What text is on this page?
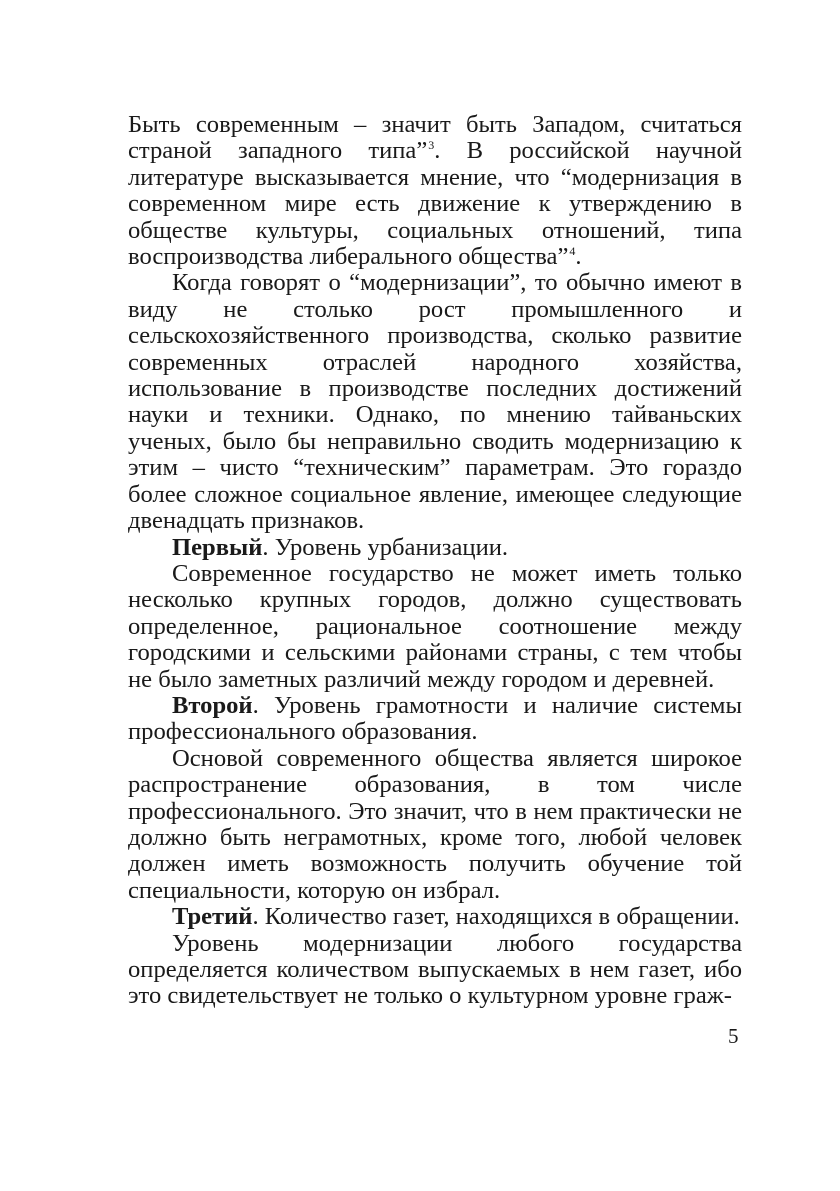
Быть современным – значит быть Западом, считаться страной западного типа”$^3$. В российской научной литературе высказывается мнение, что “модернизация в современном мире есть движение к утверждению в обществе культуры, социальных отношений, типа воспроизводства либерального общества”$^4$.

Когда говорят о “модернизации”, то обычно имеют в виду не столько рост промышленного и сельскохозяйственного производства, сколько развитие современных отраслей народного хозяйства, использование в производстве последних достижений науки и техники. Однако, по мнению тайваньских ученых, было бы неправильно сводить модернизацию к этим – чисто “техническим” параметрам. Это гораздо более сложное социальное явление, имеющее следующие двенадцать признаков.

Первый. Уровень урбанизации.

Современное государство не может иметь только несколько крупных городов, должно существовать определенное, рациональное соотношение между городскими и сельскими районами страны, с тем чтобы не было заметных различий между городом и деревней.

Второй. Уровень грамотности и наличие системы профессионального образования.

Основой современного общества является широкое распространение образования, в том числе профессионального. Это значит, что в нем практически не должно быть неграмотных, кроме того, любой человек должен иметь возможность получить обучение той специальности, которую он избрал.

Третий. Количество газет, находящихся в обращении.

Уровень модернизации любого государства определяется количеством выпускаемых в нем газет, ибо это свидетельствует не только о культурном уровне граж-

5
